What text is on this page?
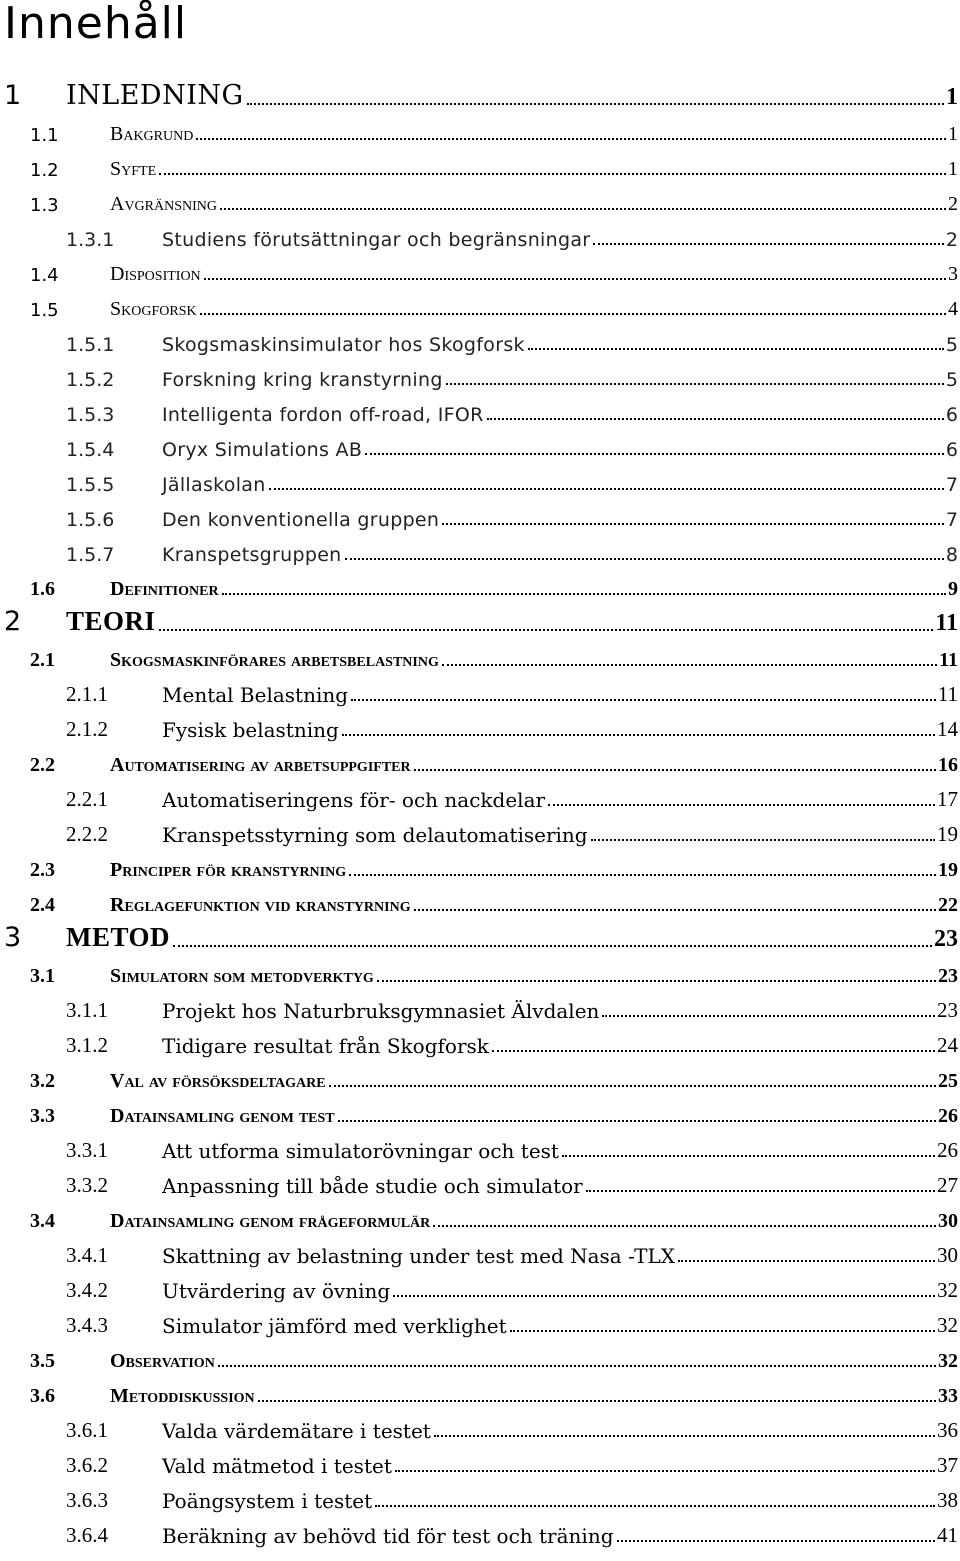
Innehåll
1 INLEDNING	1
1.1	Bakgrund	1
1.2	Syfte	1
1.3	Avgränsning	2
1.3.1	Studiens förutsättningar och begränsningar	2
1.4	Disposition	3
1.5	Skogforsk	4
1.5.1	Skogsmaskinsimulator hos Skogforsk	5
1.5.2	Forskning kring kranstyrning	5
1.5.3	Intelligenta fordon off-road, IFOR	6
1.5.4	Oryx Simulations AB	6
1.5.5	Jällaskolan	7
1.5.6	Den konventionella gruppen	7
1.5.7	Kranspetsgruppen	8
1.6	Definitioner	9
2 TEORI	11
2.1	Skogsmaskinförares arbetsbelastning	11
2.1.1	Mental Belastning	11
2.1.2	Fysisk belastning	14
2.2	Automatisering av arbetsuppgifter	16
2.2.1	Automatiseringens för- och nackdelar	17
2.2.2	Kranspetsstyrning som delautomatisering	19
2.3	Principer för kranstyrning	19
2.4	Reglagefunktion vid kranstyrning	22
3 METOD	23
3.1	Simulatorn som metodverktyg	23
3.1.1	Projekt hos Naturbruksgymnasiet Älvdalen	23
3.1.2	Tidigare resultat från Skogforsk	24
3.2	Val av försöksdeltagare	25
3.3	Datainsamling genom test	26
3.3.1	Att utforma simulatorövningar och test	26
3.3.2	Anpassning till både studie och simulator	27
3.4	Datainsamling genom frågeformulär	30
3.4.1	Skattning av belastning under test med Nasa -TLX	30
3.4.2	Utvärdering av övning	32
3.4.3	Simulator jämförd med verklighet	32
3.5	Observation	32
3.6	Metoddiskussion	33
3.6.1	Valda värdemätare i testet	36
3.6.2	Vald mätmetod i testet	37
3.6.3	Poängsystem i testet	38
3.6.4	Beräkning av behövd tid för test och träning	41
